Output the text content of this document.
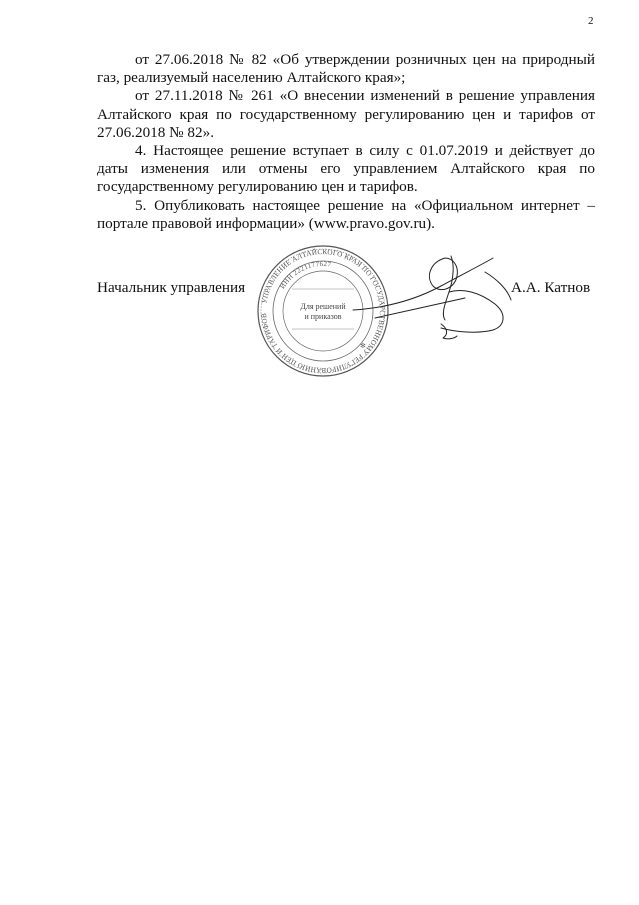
2

от 27.06.2018 № 82 «Об утверждении розничных цен на природный газ, реализуемый населению Алтайского края»;

от 27.11.2018 № 261 «О внесении изменений в решение управления Алтайского края по государственному регулированию цен и тарифов от 27.06.2018 № 82».

4. Настоящее решение вступает в силу с 01.07.2019 и действует до даты изменения или отмены его управлением Алтайского края по государственному регулированию цен и тарифов.

5. Опубликовать настоящее решение на «Официальном интернет – портале правовой информации» (www.pravo.gov.ru).

Начальник управления
УПРАВЛЕНИЕ АЛТАЙСКОГО КРАЯ ПО ГОСУДАРСТВЕННОМУ РЕГУЛИРОВАНИЮ ЦЕН И ТАРИФОВ
ИНН 2221177627
Для решений
и приказов
✻
А.А. Катнов
